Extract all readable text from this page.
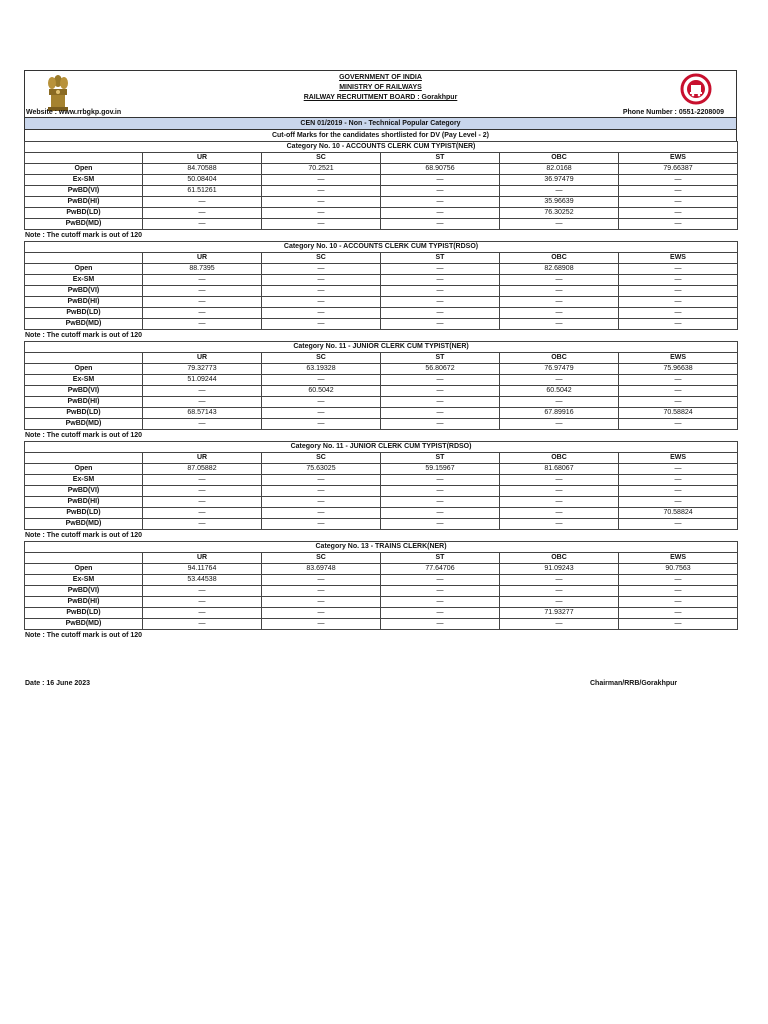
GOVERNMENT OF INDIA
MINISTRY OF RAILWAYS
RAILWAY RECRUITMENT BOARD : Gorakhpur
Website : www.rrbgkp.gov.in	Phone Number : 0551-2208009
CEN 01/2019 - Non - Technical Popular Category
Cut-off Marks for the candidates shortlisted for DV (Pay Level - 2)
Category No. 10 - ACCOUNTS CLERK CUM TYPIST(NER)					
	UR	SC	ST	OBC	EWS
Open	84.70588	70.2521	68.90756	82.0168	79.66387
Ex-SM	50.08404	—	—	36.97479	—
PwBD(VI)	61.51261	—	—	—	—
PwBD(HI)	—	—	—	35.96639	—
PwBD(LD)	—	—	—	76.30252	—
PwBD(MD)	—	—	—	—	—
Note : The cutoff mark is out of 120
Category No. 10 - ACCOUNTS CLERK CUM TYPIST(RDSO)					
	UR	SC	ST	OBC	EWS
Open	88.7395	—	—	82.68908	—
Ex-SM	—	—	—	—	—
PwBD(VI)	—	—	—	—	—
PwBD(HI)	—	—	—	—	—
PwBD(LD)	—	—	—	—	—
PwBD(MD)	—	—	—	—	—
Note : The cutoff mark is out of 120
Category No. 11 - JUNIOR CLERK CUM TYPIST(NER)					
	UR	SC	ST	OBC	EWS
Open	79.32773	63.19328	56.80672	76.97479	75.96638
Ex-SM	51.09244	—	—	—	—
PwBD(VI)	—	60.5042	—	60.5042	—
PwBD(HI)	—	—	—	—	—
PwBD(LD)	68.57143	—	—	67.89916	70.58824
PwBD(MD)	—	—	—	—	—
Note : The cutoff mark is out of 120
Category No. 11 - JUNIOR CLERK CUM TYPIST(RDSO)					
	UR	SC	ST	OBC	EWS
Open	87.05882	75.63025	59.15967	81.68067	—
Ex-SM	—	—	—	—	—
PwBD(VI)	—	—	—	—	—
PwBD(HI)	—	—	—	—	—
PwBD(LD)	—	—	—	—	70.58824
PwBD(MD)	—	—	—	—	—
Note : The cutoff mark is out of 120
Category No. 13 - TRAINS CLERK(NER)					
	UR	SC	ST	OBC	EWS
Open	94.11764	83.69748	77.64706	91.09243	90.7563
Ex-SM	53.44538	—	—	—	—
PwBD(VI)	—	—	—	—	—
PwBD(HI)	—	—	—	—	—
PwBD(LD)	—	—	—	71.93277	—
PwBD(MD)	—	—	—	—	—
Note : The cutoff mark is out of 120
Date : 16 June 2023	Chairman/RRB/Gorakhpur
